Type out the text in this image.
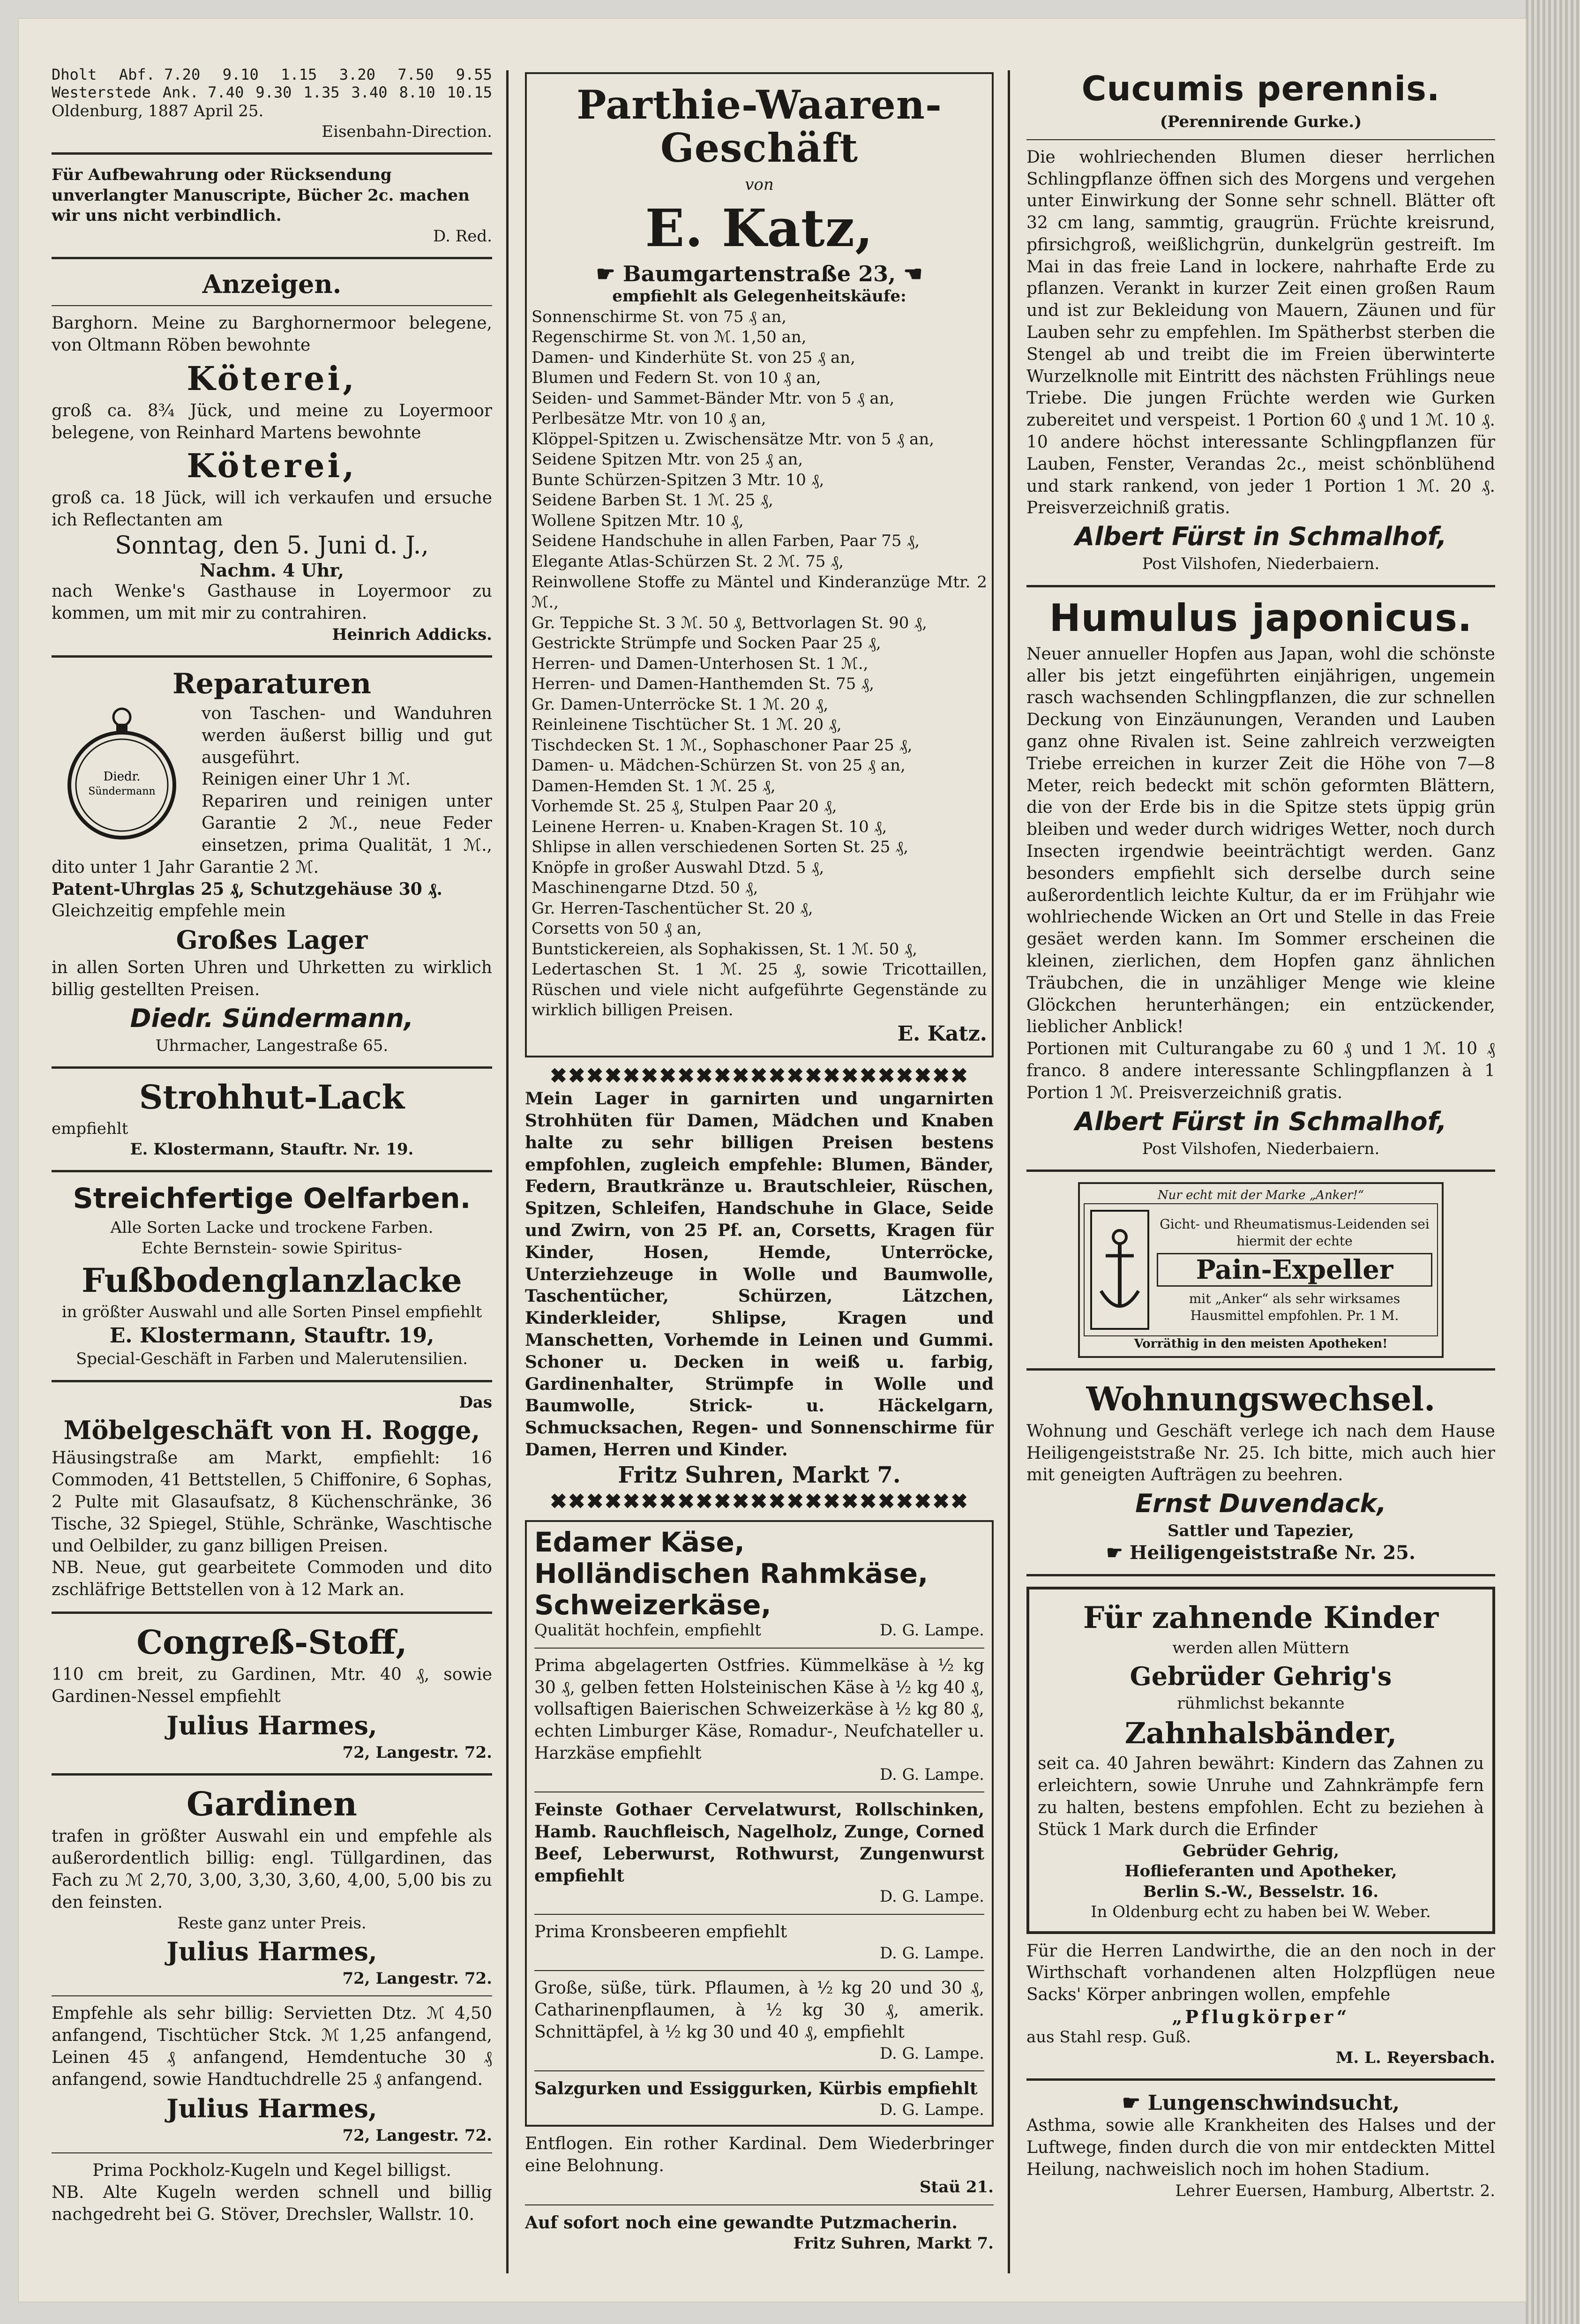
Dholt Abf. 7.20 9.10 1.15 3.20 7.50 9.55
Westerstede Ank. 7.40 9.30 1.35 3.40 8.10 10.15
Oldenburg, 1887 April 25.
Eisenbahn-Direction.

Für Aufbewahrung oder Rücksendung unverlangter Manuscripte, Bücher 2c. machen wir uns nicht verbindlich.

D. Red.
Anzeigen.

Barghorn. Meine zu Barghornermoor belegene, von Oltmann Röben bewohnte

Köterei,

groß ca. 8¾ Jück, und meine zu Loyermoor belegene, von Reinhard Martens bewohnte

Köterei,

groß ca. 18 Jück, will ich verkaufen und ersuche ich Reflectanten am

Sonntag, den 5. Juni d. J.,
Nachm. 4 Uhr,

nach Wenke's Gasthause in Loyermoor zu kommen, um mit mir zu contrahiren.

Heinrich Addicks.
Reparaturen
Diedr.
Sündermann

von Taschen- und Wanduhren werden äußerst billig und gut ausgeführt.

Reinigen einer Uhr 1 ℳ.

Repariren und reinigen unter Garantie 2 ℳ., neue Feder einsetzen, prima Qualität, 1 ℳ., dito unter 1 Jahr Garantie 2 ℳ.

Patent-Uhrglas 25 ₰, Schutzgehäuse 30 ₰.

Gleichzeitig empfehle mein

Großes Lager

in allen Sorten Uhren und Uhrketten zu wirklich billig gestellten Preisen.

Diedr. Sündermann,
Uhrmacher, Langestraße 65.
Strohhut-Lack
empfiehlt
E. Klostermann, Stauftr. Nr. 19.
Streichfertige Oelfarben.
Alle Sorten Lacke und trockene Farben.
Echte Bernstein- sowie Spiritus-
Fußbodenglanzlacke
in größter Auswahl und alle Sorten Pinsel empfiehlt
E. Klostermann, Stauftr. 19,
Special-Geschäft in Farben und Malerutensilien.
Das
Möbelgeschäft von H. Rogge,

Häusingstraße am Markt, empfiehlt: 16 Commoden, 41 Bettstellen, 5 Chiffonire, 6 Sophas, 2 Pulte mit Glasaufsatz, 8 Küchenschränke, 36 Tische, 32 Spiegel, Stühle, Schränke, Waschtische und Oelbilder, zu ganz billigen Preisen.

NB. Neue, gut gearbeitete Commoden und dito zschläfrige Bettstellen von à 12 Mark an.

Congreß-Stoff,

110 cm breit, zu Gardinen, Mtr. 40 ₰, sowie Gardinen-Nessel empfiehlt

Julius Harmes,
72, Langestr. 72.
Gardinen

trafen in größter Auswahl ein und empfehle als außerordentlich billig: engl. Tüllgardinen, das Fach zu ℳ 2,70, 3,00, 3,30, 3,60, 4,00, 5,00 bis zu den feinsten.

Reste ganz unter Preis.
Julius Harmes,
72, Langestr. 72.

Empfehle als sehr billig: Servietten Dtz. ℳ 4,50 anfangend, Tischtücher Stck. ℳ 1,25 anfangend, Leinen 45 ₰ anfangend, Hemdentuche 30 ₰ anfangend, sowie Handtuchdrelle 25 ₰ anfangend.

Julius Harmes,
72, Langestr. 72.

Prima Pockholz-Kugeln und Kegel billigst.

NB. Alte Kugeln werden schnell und billig nachgedreht bei G. Stöver, Drechsler, Wallstr. 10.

Parthie-Waaren-Geschäft
von
E. Katz,
☛ Baumgartenstraße 23, ☚
empfiehlt als Gelegenheitskäufe:

Sonnenschirme St. von 75 ₰ an,

Regenschirme St. von ℳ. 1,50 an,

Damen- und Kinderhüte St. von 25 ₰ an,

Blumen und Federn St. von 10 ₰ an,

Seiden- und Sammet-Bänder Mtr. von 5 ₰ an,

Perlbesätze Mtr. von 10 ₰ an,

Klöppel-Spitzen u. Zwischensätze Mtr. von 5 ₰ an,

Seidene Spitzen Mtr. von 25 ₰ an,

Bunte Schürzen-Spitzen 3 Mtr. 10 ₰,

Seidene Barben St. 1 ℳ. 25 ₰,

Wollene Spitzen Mtr. 10 ₰,

Seidene Handschuhe in allen Farben, Paar 75 ₰,

Elegante Atlas-Schürzen St. 2 ℳ. 75 ₰,

Reinwollene Stoffe zu Mäntel und Kinderanzüge Mtr. 2 ℳ.,

Gr. Teppiche St. 3 ℳ. 50 ₰, Bettvorlagen St. 90 ₰,

Gestrickte Strümpfe und Socken Paar 25 ₰,

Herren- und Damen-Unterhosen St. 1 ℳ.,

Herren- und Damen-Hanthemden St. 75 ₰,

Gr. Damen-Unterröcke St. 1 ℳ. 20 ₰,

Reinleinene Tischtücher St. 1 ℳ. 20 ₰,

Tischdecken St. 1 ℳ., Sophaschoner Paar 25 ₰,

Damen- u. Mädchen-Schürzen St. von 25 ₰ an,

Damen-Hemden St. 1 ℳ. 25 ₰,

Vorhemde St. 25 ₰, Stulpen Paar 20 ₰,

Leinene Herren- u. Knaben-Kragen St. 10 ₰,

Shlipse in allen verschiedenen Sorten St. 25 ₰,

Knöpfe in großer Auswahl Dtzd. 5 ₰,

Maschinengarne Dtzd. 50 ₰,

Gr. Herren-Taschentücher St. 20 ₰,

Corsetts von 50 ₰ an,

Buntstickereien, als Sophakissen, St. 1 ℳ. 50 ₰,

Ledertaschen St. 1 ℳ. 25 ₰, sowie Tricottaillen, Rüschen und viele nicht aufgeführte Gegenstände zu wirklich billigen Preisen.

E. Katz.
✖✖✖✖✖✖✖✖✖✖✖✖✖✖✖✖✖✖✖✖✖✖✖

Mein Lager in garnirten und ungarnirten Strohhüten für Damen, Mädchen und Knaben halte zu sehr billigen Preisen bestens empfohlen, zugleich empfehle: Blumen, Bänder, Federn, Brautkränze u. Brautschleier, Rüschen, Spitzen, Schleifen, Handschuhe in Glace, Seide und Zwirn, von 25 Pf. an, Corsetts, Kragen für Kinder, Hosen, Hemde, Unterröcke, Unterziehzeuge in Wolle und Baumwolle, Taschentücher, Schürzen, Lätzchen, Kinderkleider, Shlipse, Kragen und Manschetten, Vorhemde in Leinen und Gummi. Schoner u. Decken in weiß u. farbig, Gardinenhalter, Strümpfe in Wolle und Baumwolle, Strick- u. Häckelgarn, Schmucksachen, Regen- und Sonnenschirme für Damen, Herren und Kinder.

Fritz Suhren, Markt 7.
✖✖✖✖✖✖✖✖✖✖✖✖✖✖✖✖✖✖✖✖✖✖✖
Edamer Käse,
Holländischen Rahmkäse,
Schweizerkäse,
Qualität hochfein, empfiehlt	D. G. Lampe.

Prima abgelagerten Ostfries. Kümmelkäse à ½ kg 30 ₰, gelben fetten Holsteinischen Käse à ½ kg 40 ₰, vollsaftigen Baierischen Schweizerkäse à ½ kg 80 ₰, echten Limburger Käse, Romadur-, Neufchateller u. Harzkäse empfiehlt

D. G. Lampe.

Feinste Gothaer Cervelatwurst, Rollschinken, Hamb. Rauchfleisch, Nagelholz, Zunge, Corned Beef, Leberwurst, Rothwurst, Zungenwurst empfiehlt

D. G. Lampe.

Prima Kronsbeeren empfiehlt

D. G. Lampe.

Große, süße, türk. Pflaumen, à ½ kg 20 und 30 ₰, Catharinenpflaumen, à ½ kg 30 ₰, amerik. Schnittäpfel, à ½ kg 30 und 40 ₰, empfiehlt

D. G. Lampe.

Salzgurken und Essiggurken, Kürbis empfiehlt

D. G. Lampe.

Entflogen. Ein rother Kardinal. Dem Wiederbringer eine Belohnung.

Staü 21.

Auf sofort noch eine gewandte Putzmacherin.

Fritz Suhren, Markt 7.
Cucumis perennis.
(Perennirende Gurke.)

Die wohlriechenden Blumen dieser herrlichen Schlingpflanze öffnen sich des Morgens und vergehen unter Einwirkung der Sonne sehr schnell. Blätter oft 32 cm lang, sammtig, graugrün. Früchte kreisrund, pfirsichgroß, weißlichgrün, dunkelgrün gestreift. Im Mai in das freie Land in lockere, nahrhafte Erde zu pflanzen. Verankt in kurzer Zeit einen großen Raum und ist zur Bekleidung von Mauern, Zäunen und für Lauben sehr zu empfehlen. Im Spätherbst sterben die Stengel ab und treibt die im Freien überwinterte Wurzelknolle mit Eintritt des nächsten Frühlings neue Triebe. Die jungen Früchte werden wie Gurken zubereitet und verspeist. 1 Portion 60 ₰ und 1 ℳ. 10 ₰. 10 andere höchst interessante Schlingpflanzen für Lauben, Fenster, Verandas 2c., meist schönblühend und stark rankend, von jeder 1 Portion 1 ℳ. 20 ₰. Preisverzeichniß gratis.

Albert Fürst in Schmalhof,
Post Vilshofen, Niederbaiern.
Humulus japonicus.

Neuer annueller Hopfen aus Japan, wohl die schönste aller bis jetzt eingeführten einjährigen, ungemein rasch wachsenden Schlingpflanzen, die zur schnellen Deckung von Einzäunungen, Veranden und Lauben ganz ohne Rivalen ist. Seine zahlreich verzweigten Triebe erreichen in kurzer Zeit die Höhe von 7—8 Meter, reich bedeckt mit schön geformten Blättern, die von der Erde bis in die Spitze stets üppig grün bleiben und weder durch widriges Wetter, noch durch Insecten irgendwie beeinträchtigt werden. Ganz besonders empfiehlt sich derselbe durch seine außerordentlich leichte Kultur, da er im Frühjahr wie wohlriechende Wicken an Ort und Stelle in das Freie gesäet werden kann. Im Sommer erscheinen die kleinen, zierlichen, dem Hopfen ganz ähnlichen Träubchen, die in unzähliger Menge wie kleine Glöckchen herunterhängen; ein entzückender, lieblicher Anblick!

Portionen mit Culturangabe zu 60 ₰ und 1 ℳ. 10 ₰ franco. 8 andere interessante Schlingpflanzen à 1 Portion 1 ℳ. Preisverzeichniß gratis.

Albert Fürst in Schmalhof,
Post Vilshofen, Niederbaiern.
Nur echt mit der Marke „Anker!“
Gicht- und Rheumatismus-Leidenden sei hiermit der echte
Pain-Expeller
mit „Anker“ als sehr wirksames Hausmittel empfohlen. Pr. 1 M.
Vorräthig in den meisten Apotheken!
Wohnungswechsel.

Wohnung und Geschäft verlege ich nach dem Hause Heiligengeiststraße Nr. 25. Ich bitte, mich auch hier mit geneigten Aufträgen zu beehren.

Ernst Duvendack,
Sattler und Tapezier,
☛ Heiligengeiststraße Nr. 25.
Für zahnende Kinder
werden allen Müttern
Gebrüder Gehrig's
rühmlichst bekannte
Zahnhalsbänder,

seit ca. 40 Jahren bewährt: Kindern das Zahnen zu erleichtern, sowie Unruhe und Zahnkrämpfe fern zu halten, bestens empfohlen. Echt zu beziehen à Stück 1 Mark durch die Erfinder

Gebrüder Gehrig,
Hoflieferanten und Apotheker,
Berlin S.-W., Besselstr. 16.
In Oldenburg echt zu haben bei W. Weber.

Für die Herren Landwirthe, die an den noch in der Wirthschaft vorhandenen alten Holzpflügen neue Sacks' Körper anbringen wollen, empfehle

„Pflugkörper“
aus Stahl resp. Guß.
M. L. Reyersbach.
☛ Lungenschwindsucht,

Asthma, sowie alle Krankheiten des Halses und der Luftwege, finden durch die von mir entdeckten Mittel Heilung, nachweislich noch im hohen Stadium.

Lehrer Euersen, Hamburg, Albertstr. 2.
